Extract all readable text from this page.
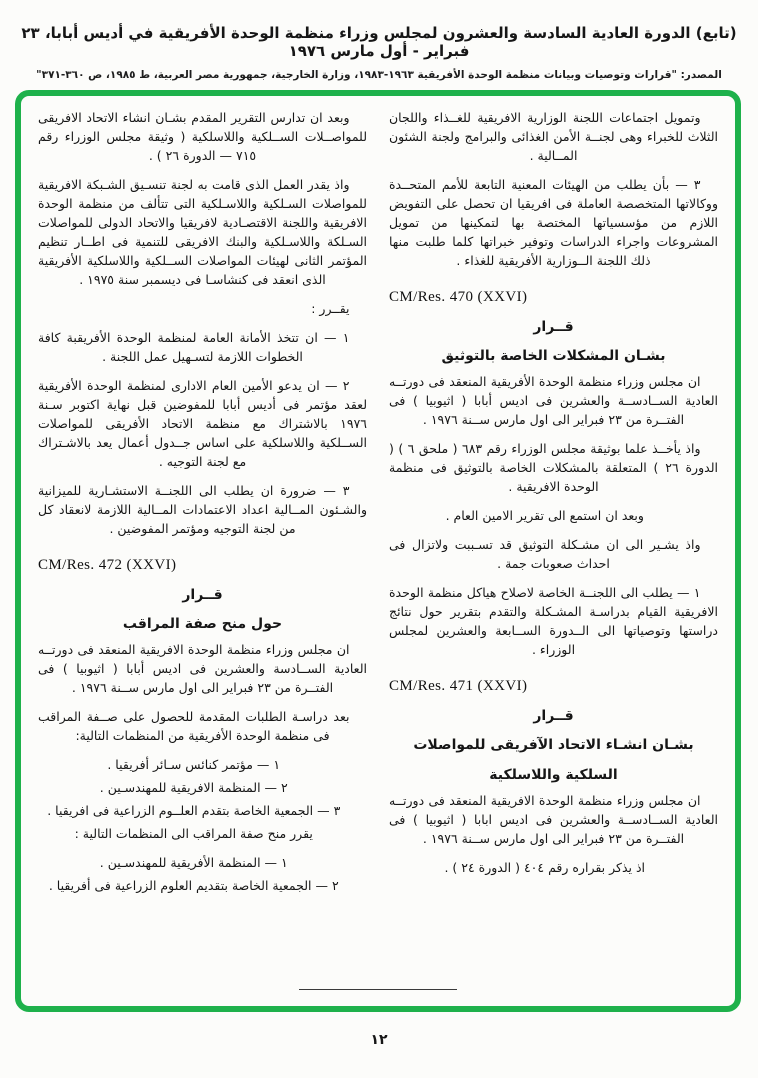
(تابع) الدورة العادية السادسة والعشرون لمجلس وزراء منظمة الوحدة الأفريقية في أديس أبابا، ٢٣ فبراير - أول مارس ١٩٧٦
المصدر: "قرارات وتوصيات وبيانات منظمة الوحدة الأفريقية ١٩٦٣-١٩٨٣، وزارة الخارجية، جمهورية مصر العربية، ط ١٩٨٥، ص ٣٦٠-٣٧١"
وتمويل اجتماعات اللجنة الوزارية الافريقية للغــذاء واللجان الثلاث للخبراء وهى لجنــة الأمن الغذائى والبرامج ولجنة الشئون المــالية .
٣ — بأن يطلب من الهيئات المعنية التابعة للأمم المتحــدة ووكالاتها المتخصصة العاملة فى افريقيا ان تحصل على التفويض اللازم من مؤسسياتها المختصة بها لتمكينها من تمويل المشروعات واجراء الدراسات وتوفير خبراتها كلما طلبت منها ذلك اللجنة الــوزارية الأفريقية للغذاء .
CM/Res. 470 (XXVI)
قــرار
بشـان المشكلات الخاصة بالتوثيق
ان مجلس وزراء منظمة الوحدة الأفريقية المنعقد فى دورتــه العادية الســادســة والعشرين فى اديس أبابا ( اثيوبيا ) فى الفتــرة من ٢٣ فبراير الى اول مارس ســنة ١٩٧٦ .
واذ يأخــذ علما بوثيقة مجلس الوزراء رقم ٦٨٣ ( ملحق ٦ ) ( الدورة ٢٦ ) المتعلقة بالمشكلات الخاصة بالتوثيق فى منظمة الوحدة الافريقية .
وبعد ان استمع الى تقرير الامين العام .
واذ يشـير الى ان مشـكلة التوثيق قد تسـببت ولاتزال فى احداث صعوبات جمة .
١ — يطلب الى اللجنــة الخاصة لاصلاح هياكل منظمة الوحدة الافريقية القيام بدراسـة المشـكلة والتقدم بتقرير حول نتائج دراستها وتوصياتها الى الــدورة الســابعة والعشرين لمجلس الوزراء .
CM/Res. 471 (XXVI)
قــرار
بشـان انشـاء الاتحاد الآفريقى للمواصلات
السلكية واللاسلكية
ان مجلس وزراء منظمة الوحدة الافريقية المنعقد فى دورتــه العادية الســادســة والعشرين فى اديس ابابا ( اثيوبيا ) فى الفتــرة من ٢٣ فبراير الى اول مارس ســنة ١٩٧٦ .
اذ يذكر بقراره رقم ٤٠٤ ( الدورة ٢٤ ) .
وبعد ان تدارس التقرير المقدم بشـان انشاء الاتحاد الافريقى للمواصــلات الســلكية واللاسلكية ( وثيقة مجلس الوزراء رقم ٧١٥ — الدورة ٢٦ ) .
واذ يقدر العمل الذى قامت به لجنة تنسـيق الشـبكة الافريقية للمواصلات السـلكية واللاسـلكية التى تتألف من منظمة الوحدة الافريقية واللجنة الاقتصـادية لافريقيا والاتحاد الدولى للمواصلات السـلكة واللاسـلكية والبنك الافريقى للتنمية فى اطــار تنظيم المؤتمر الثانى لهيئات المواصلات الســلكية واللاسلكية الأفريقية الذى انعقد فى كنشاسـا فى ديسمبر سنة ١٩٧٥ .
يقــرر :
١ — ان تتخذ الأمانة العامة لمنظمة الوحدة الأفريقبة كافة الخطوات اللازمة لتسـهيل عمل اللجنة .
٢ — ان يدعو الأمين العام الادارى لمنظمة الوحدة الأفريقية لعقد مؤتمر فى أديس أبابا للمفوضين قبل نهاية اكتوبر سـنة ١٩٧٦ بالاشتراك مع منظمة الاتحاد الأفريقى للمواصلات الســلكية واللاسلكية على اساس جــدول أعمال يعد بالاشـتراك مع لجنة التوجيه .
٣ — ضرورة ان يطلب الى اللجنــة الاستشـارية للميزانية والشـئون المــالية اعداد الاعتمادات المــالية اللازمة لانعقاد كل من لجنة التوجيه ومؤتمر المفوضين .
CM/Res. 472 (XXVI)
قــرار
حول منح صفة المراقب
ان مجلس وزراء منظمة الوحدة الافريقية المنعقد فى دورتــه العادية الســادسة والعشرين فى اديس أبابا ( اثيوبيا ) فى الفتــرة من ٢٣ فبراير الى اول مارس ســنة ١٩٧٦ .
بعد دراسـة الطلبات المقدمة للحصول على صــفة المراقب فى منظمة الوحدة الأفريقية من المنظمات التالية:
١ — مؤتمر كنائس سـائر أفريقيا .
٢ — المنظمة الافريقية للمهندسـين .
٣ — الجمعية الخاصة بتقدم العلــوم الزراعية فى افريقيا .
يقرر منح صفة المراقب الى المنظمات التالية :
١ — المنظمة الأفريقية للمهندسـين .
٢ — الجمعية الخاصة بتقديم العلوم الزراعية فى أفريقيا .
١٢
